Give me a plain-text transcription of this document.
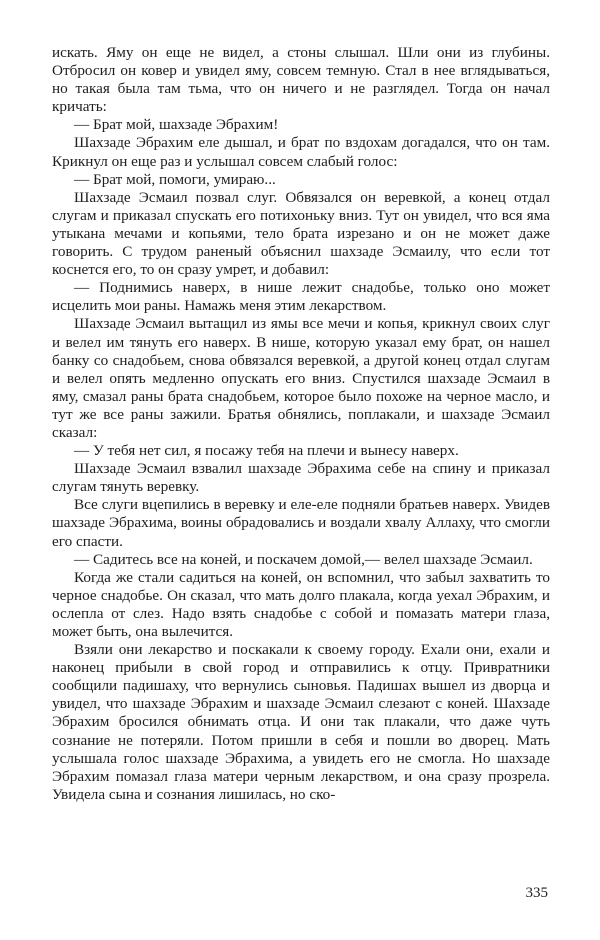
искать. Яму он еще не видел, а стоны слышал. Шли они из глубины. Отбросил он ковер и увидел яму, совсем темную. Стал в нее вглядываться, но такая была там тьма, что он ничего и не разглядел. Тогда он начал кричать:

— Брат мой, шахзаде Эбрахим!

Шахзаде Эбрахим еле дышал, и брат по вздохам догадался, что он там. Крикнул он еще раз и услышал совсем слабый голос:

— Брат мой, помоги, умираю...

Шахзаде Эсмаил позвал слуг. Обвязался он веревкой, а конец отдал слугам и приказал спускать его потихоньку вниз. Тут он увидел, что вся яма утыкана мечами и копьями, тело брата изрезано и он не может даже говорить. С трудом раненый объяснил шахзаде Эсмаилу, что если тот коснется его, то он сразу умрет, и добавил:

— Поднимись наверх, в нише лежит снадобье, только оно может исцелить мои раны. Намажь меня этим лекарством.

Шахзаде Эсмаил вытащил из ямы все мечи и копья, крикнул своих слуг и велел им тянуть его наверх. В нише, которую указал ему брат, он нашел банку со снадобьем, снова обвязался веревкой, а другой конец отдал слугам и велел опять медленно опускать его вниз. Спустился шахзаде Эсмаил в яму, смазал раны брата снадобьем, которое было похоже на черное масло, и тут же все раны зажили. Братья обнялись, поплакали, и шахзаде Эсмаил сказал:

— У тебя нет сил, я посажу тебя на плечи и вынесу наверх.

Шахзаде Эсмаил взвалил шахзаде Эбрахима себе на спину и приказал слугам тянуть веревку.

Все слуги вцепились в веревку и еле-еле подняли братьев наверх. Увидев шахзаде Эбрахима, воины обрадовались и воздали хвалу Аллаху, что смогли его спасти.

— Садитесь все на коней, и поскачем домой,— велел шахзаде Эсмаил.

Когда же стали садиться на коней, он вспомнил, что забыл захватить то черное снадобье. Он сказал, что мать долго плакала, когда уехал Эбрахим, и ослепла от слез. Надо взять снадобье с собой и помазать матери глаза, может быть, она вылечится.

Взяли они лекарство и поскакали к своему городу. Ехали они, ехали и наконец прибыли в свой город и отправились к отцу. Привратники сообщили падишаху, что вернулись сыновья. Падишах вышел из дворца и увидел, что шахзаде Эбрахим и шахзаде Эсмаил слезают с коней. Шахзаде Эбрахим бросился обнимать отца. И они так плакали, что даже чуть сознание не потеряли. Потом пришли в себя и пошли во дворец. Мать услышала голос шахзаде Эбрахима, а увидеть его не смогла. Но шахзаде Эбрахим помазал глаза матери черным лекарством, и она сразу прозрела. Увидела сына и сознания лишилась, но ско-

335
